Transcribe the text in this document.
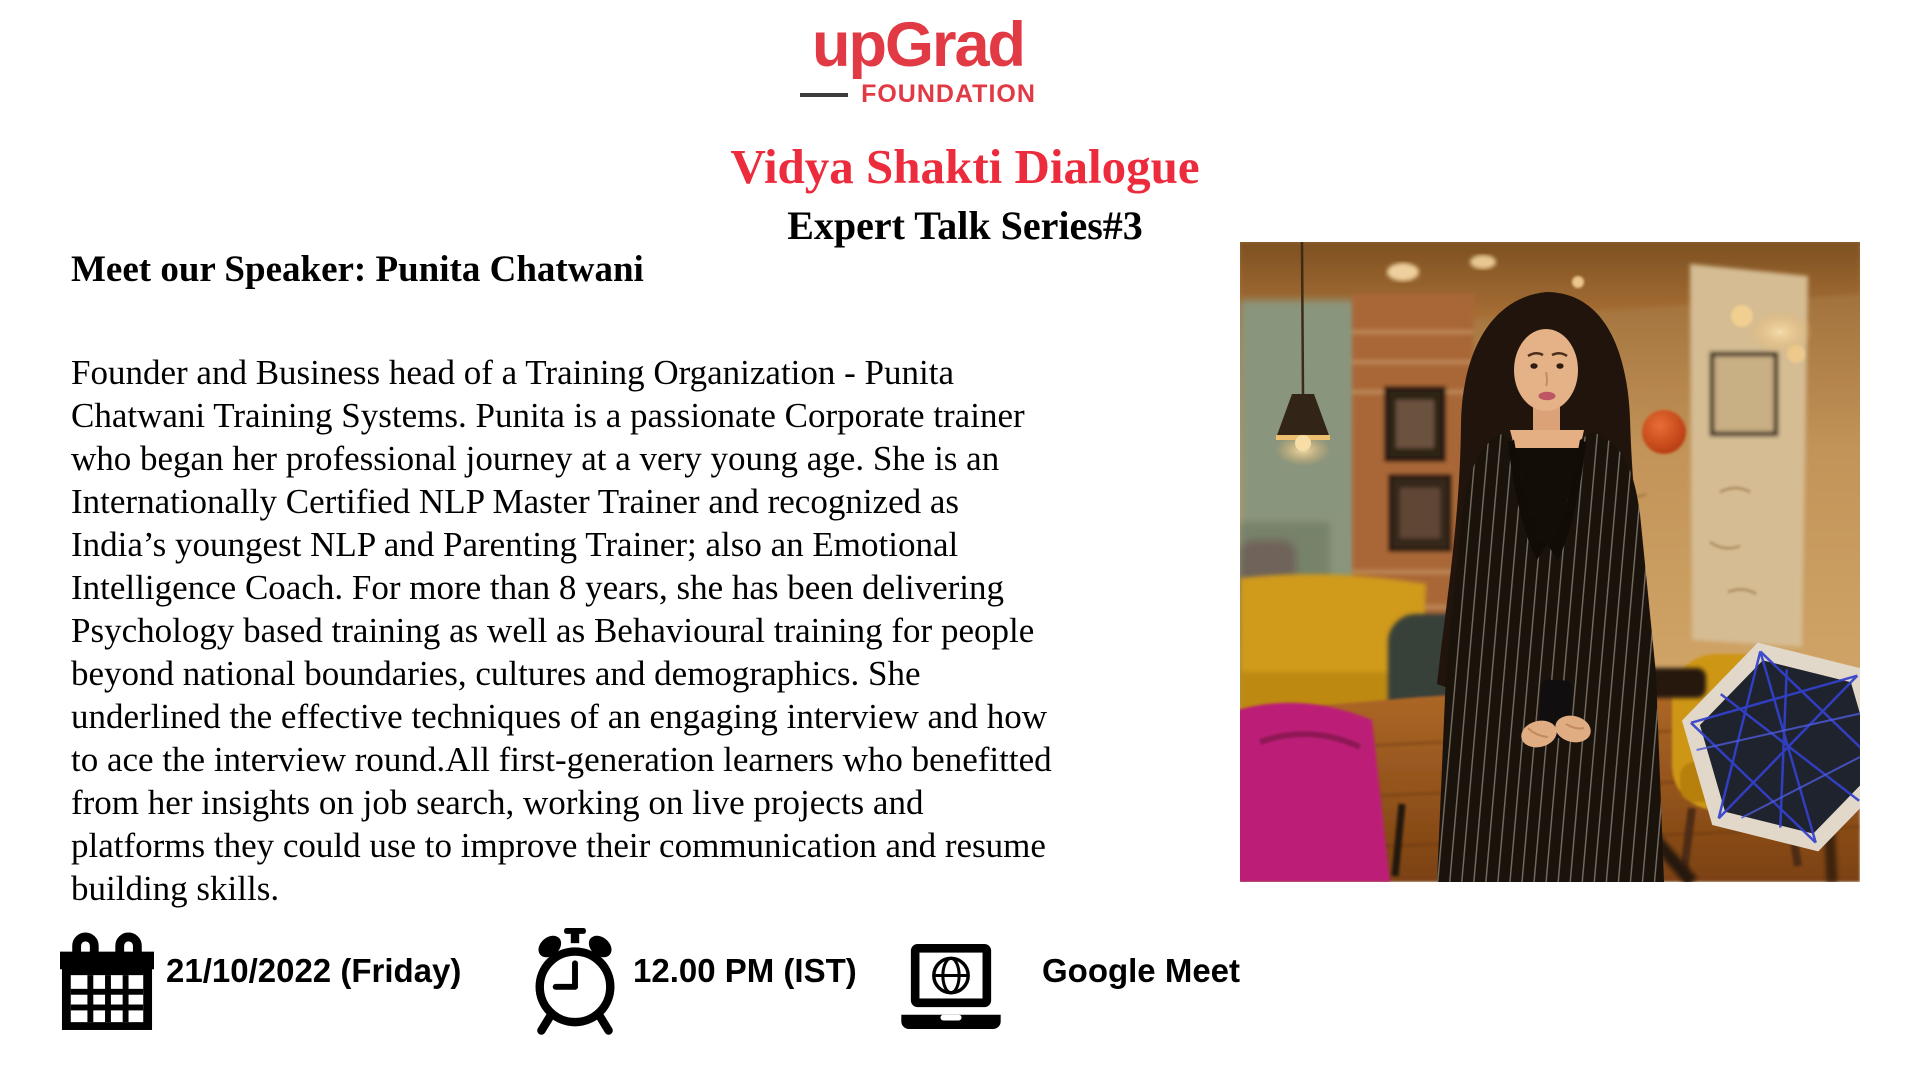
upGrad
FOUNDATION
Vidya Shakti Dialogue
Expert Talk Series#3
Meet our Speaker: Punita Chatwani
Founder and Business head of a Training Organization - Punita
Chatwani Training Systems. Punita is a passionate Corporate trainer
who began her professional journey at a very young age. She is an
Internationally Certified NLP Master Trainer and recognized as
India’s youngest NLP and Parenting Trainer; also an Emotional
Intelligence Coach. For more than 8 years, she has been delivering
Psychology based training as well as Behavioural training for people
beyond national boundaries, cultures and demographics. She
underlined the effective techniques of an engaging interview and how
to ace the interview round.All first-generation learners who benefitted
from her insights on job search, working on live projects and
platforms they could use to improve their communication and resume
building skills.
21/10/2022 (Friday)	12.00 PM (IST)	Google Meet
